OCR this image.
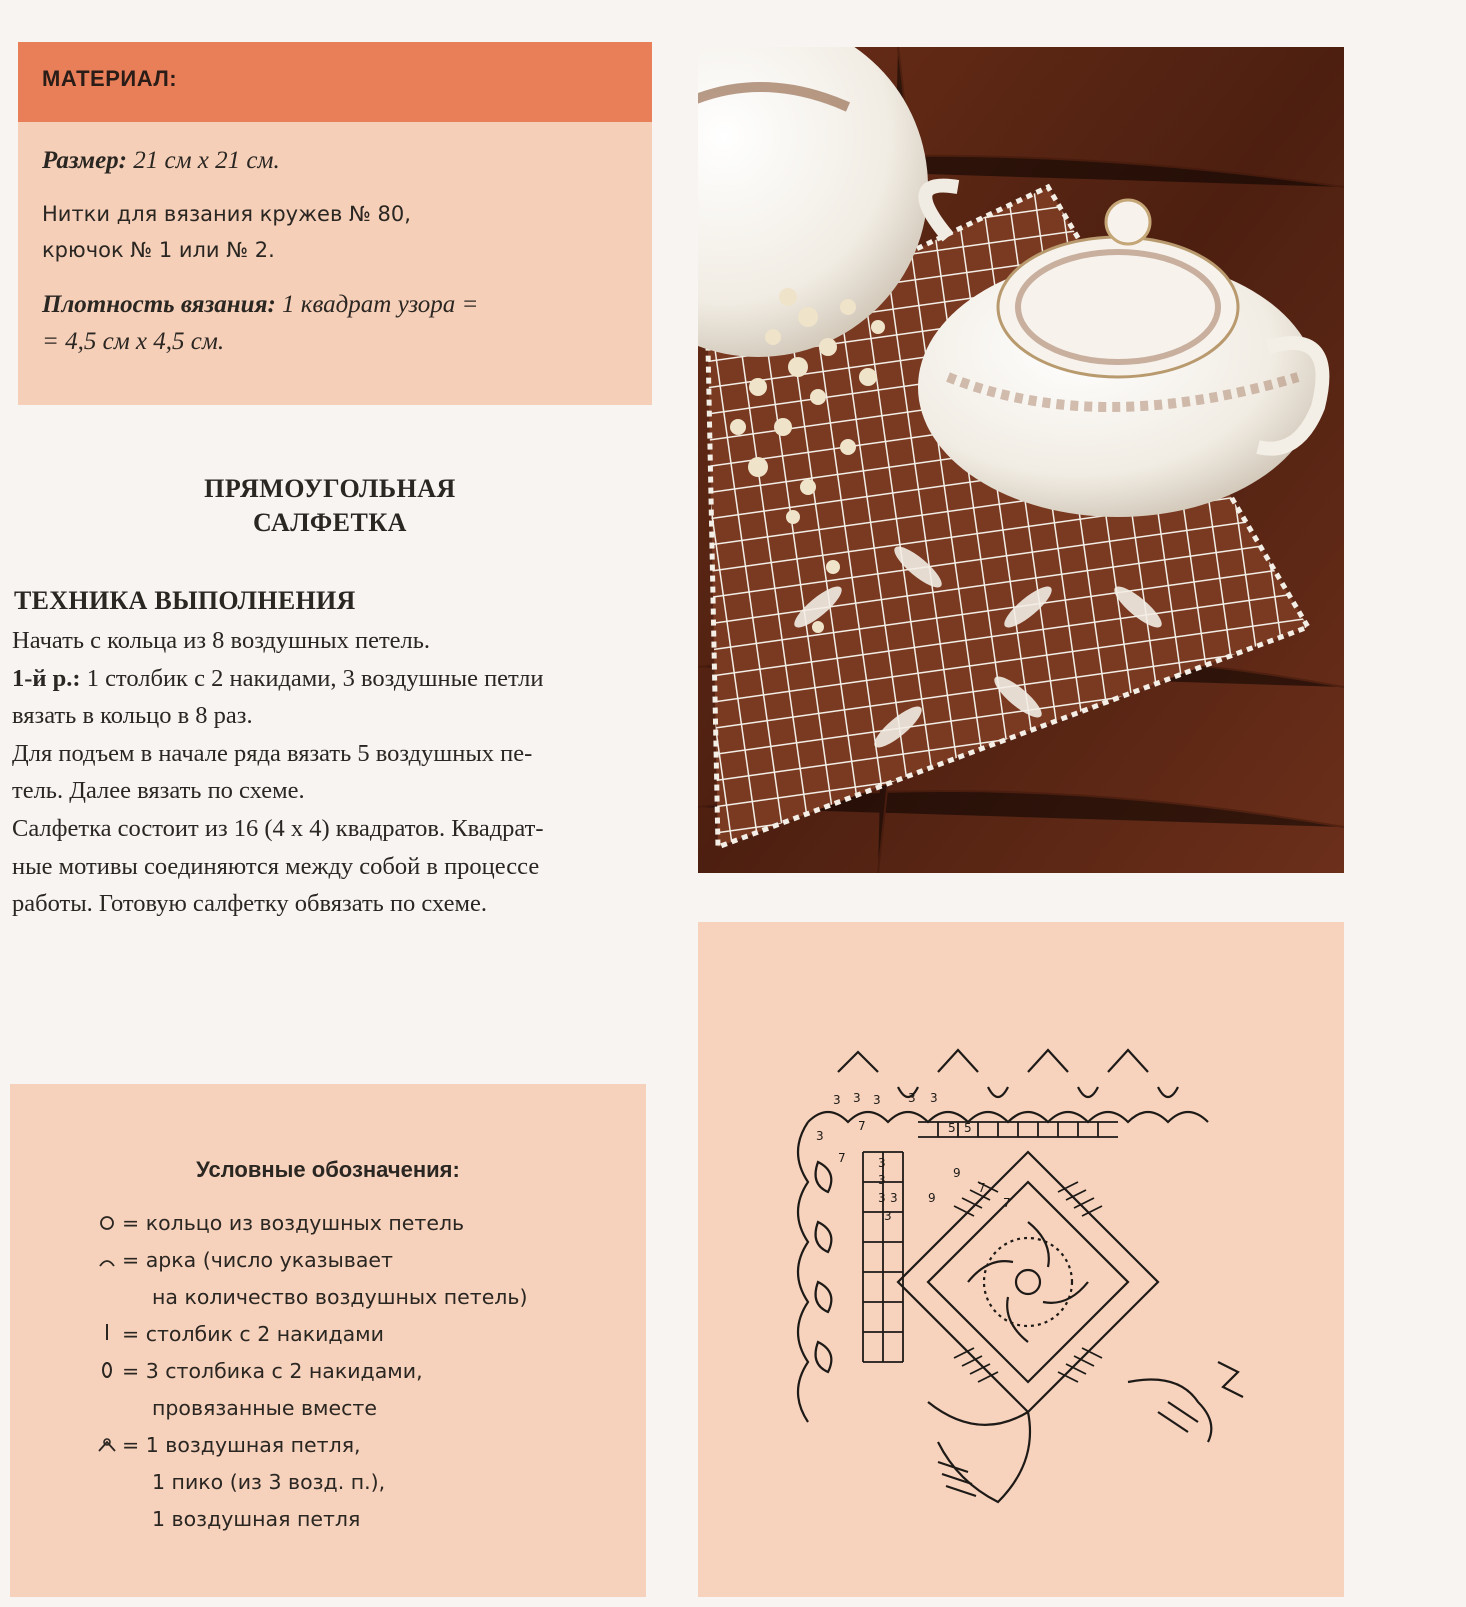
МАТЕРИАЛ:
Размер: 21 см х 21 см.
Нитки для вязания кружев № 80,
крючок № 1 или № 2.
Плотность вязания: 1 квадрат узора =
= 4,5 см х 4,5 см.
ПРЯМОУГОЛЬНАЯ
САЛФЕТКА
ТЕХНИКА ВЫПОЛНЕНИЯ
Начать с кольца из 8 воздушных петель.
1-й р.: 1 столбик с 2 накидами, 3 воздушные петли
вязать в кольцо в 8 раз.
Для подъем в начале ряда вязать 5 воздушных пе-
тель. Далее вязать по схеме.
Салфетка состоит из 16 (4 х 4) квадратов. Квадрат-
ные мотивы соединяются между собой в процессе
работы. Готовую салфетку обвязать по схеме.
Условные обозначения:
= кольцо из воздушных петель
= арка (число указывает
на количество воздушных петель)
= столбик с 2 накидами
= 3 столбика с 2 накидами,
провязанные вместе
= 1 воздушная петля,
1 пико (из 3 возд. п.),
1 воздушная петля
3 3 3 3 3
7
3
5 5
7	3
3	9
9
7
7
3 3
3
